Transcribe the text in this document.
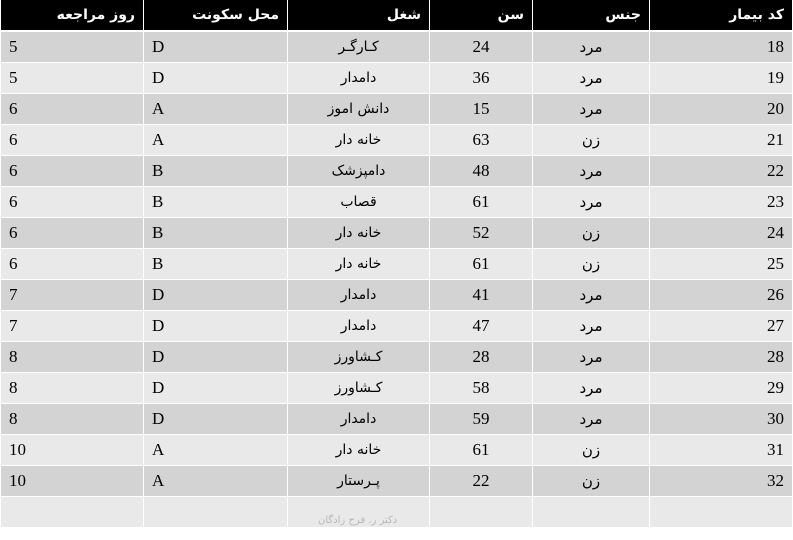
کد بیمار	جنس	سن	شغل	محل سکونت	روز مراجعه
18	مرد	24	کـارگـر	D	5
19	مرد	36	دامدار	D	5
20	مرد	15	دانش اموز	A	6
21	زن	63	خانه دار	A	6
22	مرد	48	دامپزشک	B	6
23	مرد	61	قصاب	B	6
24	زن	52	خانه دار	B	6
25	زن	61	خانه دار	B	6
26	مرد	41	دامدار	D	7
27	مرد	47	دامدار	D	7
28	مرد	28	کـشاورز	D	8
29	مرد	58	کـشاورز	D	8
30	مرد	59	دامدار	D	8
31	زن	61	خانه دار	A	10
32	زن	22	پـرستار	A	10

دکتر ر. فرح زادگان
